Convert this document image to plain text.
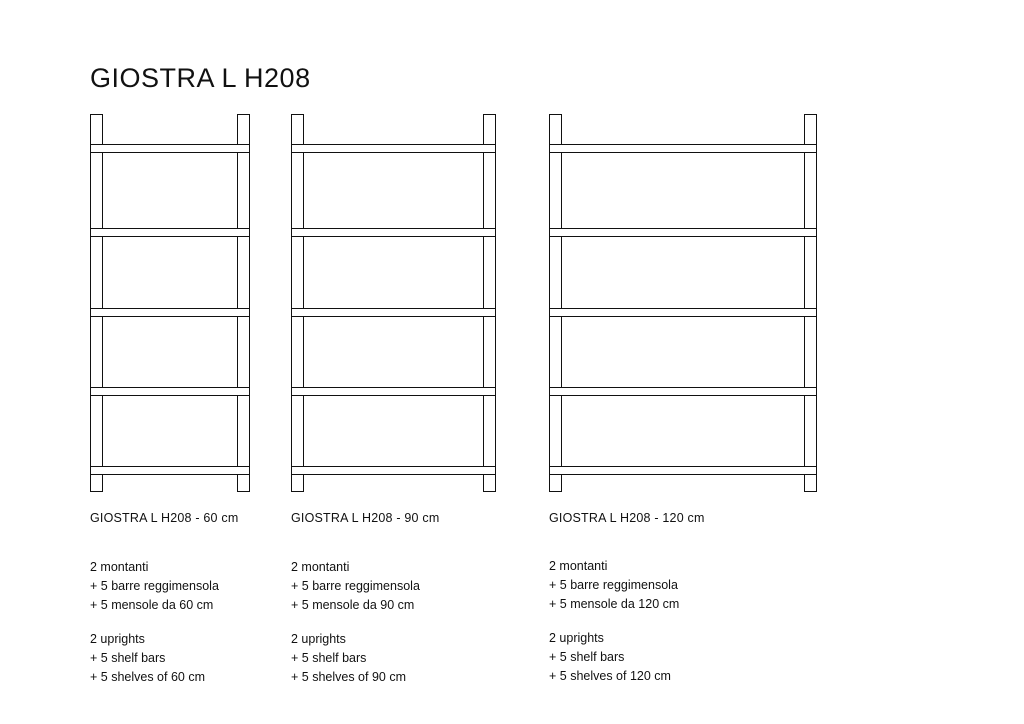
GIOSTRA L H208
GIOSTRA L H208 - 60 cm	GIOSTRA L H208 - 90 cm	GIOSTRA L H208 - 120 cm
2 montanti
+ 5 barre reggimensola
+ 5 mensole da 60 cm
2 uprights
+ 5 shelf bars
+ 5 shelves of 60 cm
2 montanti
+ 5 barre reggimensola
+ 5 mensole da 90 cm
2 uprights
+ 5 shelf bars
+ 5 shelves of 90 cm
2 montanti
+ 5 barre reggimensola
+ 5 mensole da 120 cm
2 uprights
+ 5 shelf bars
+ 5 shelves of 120 cm
